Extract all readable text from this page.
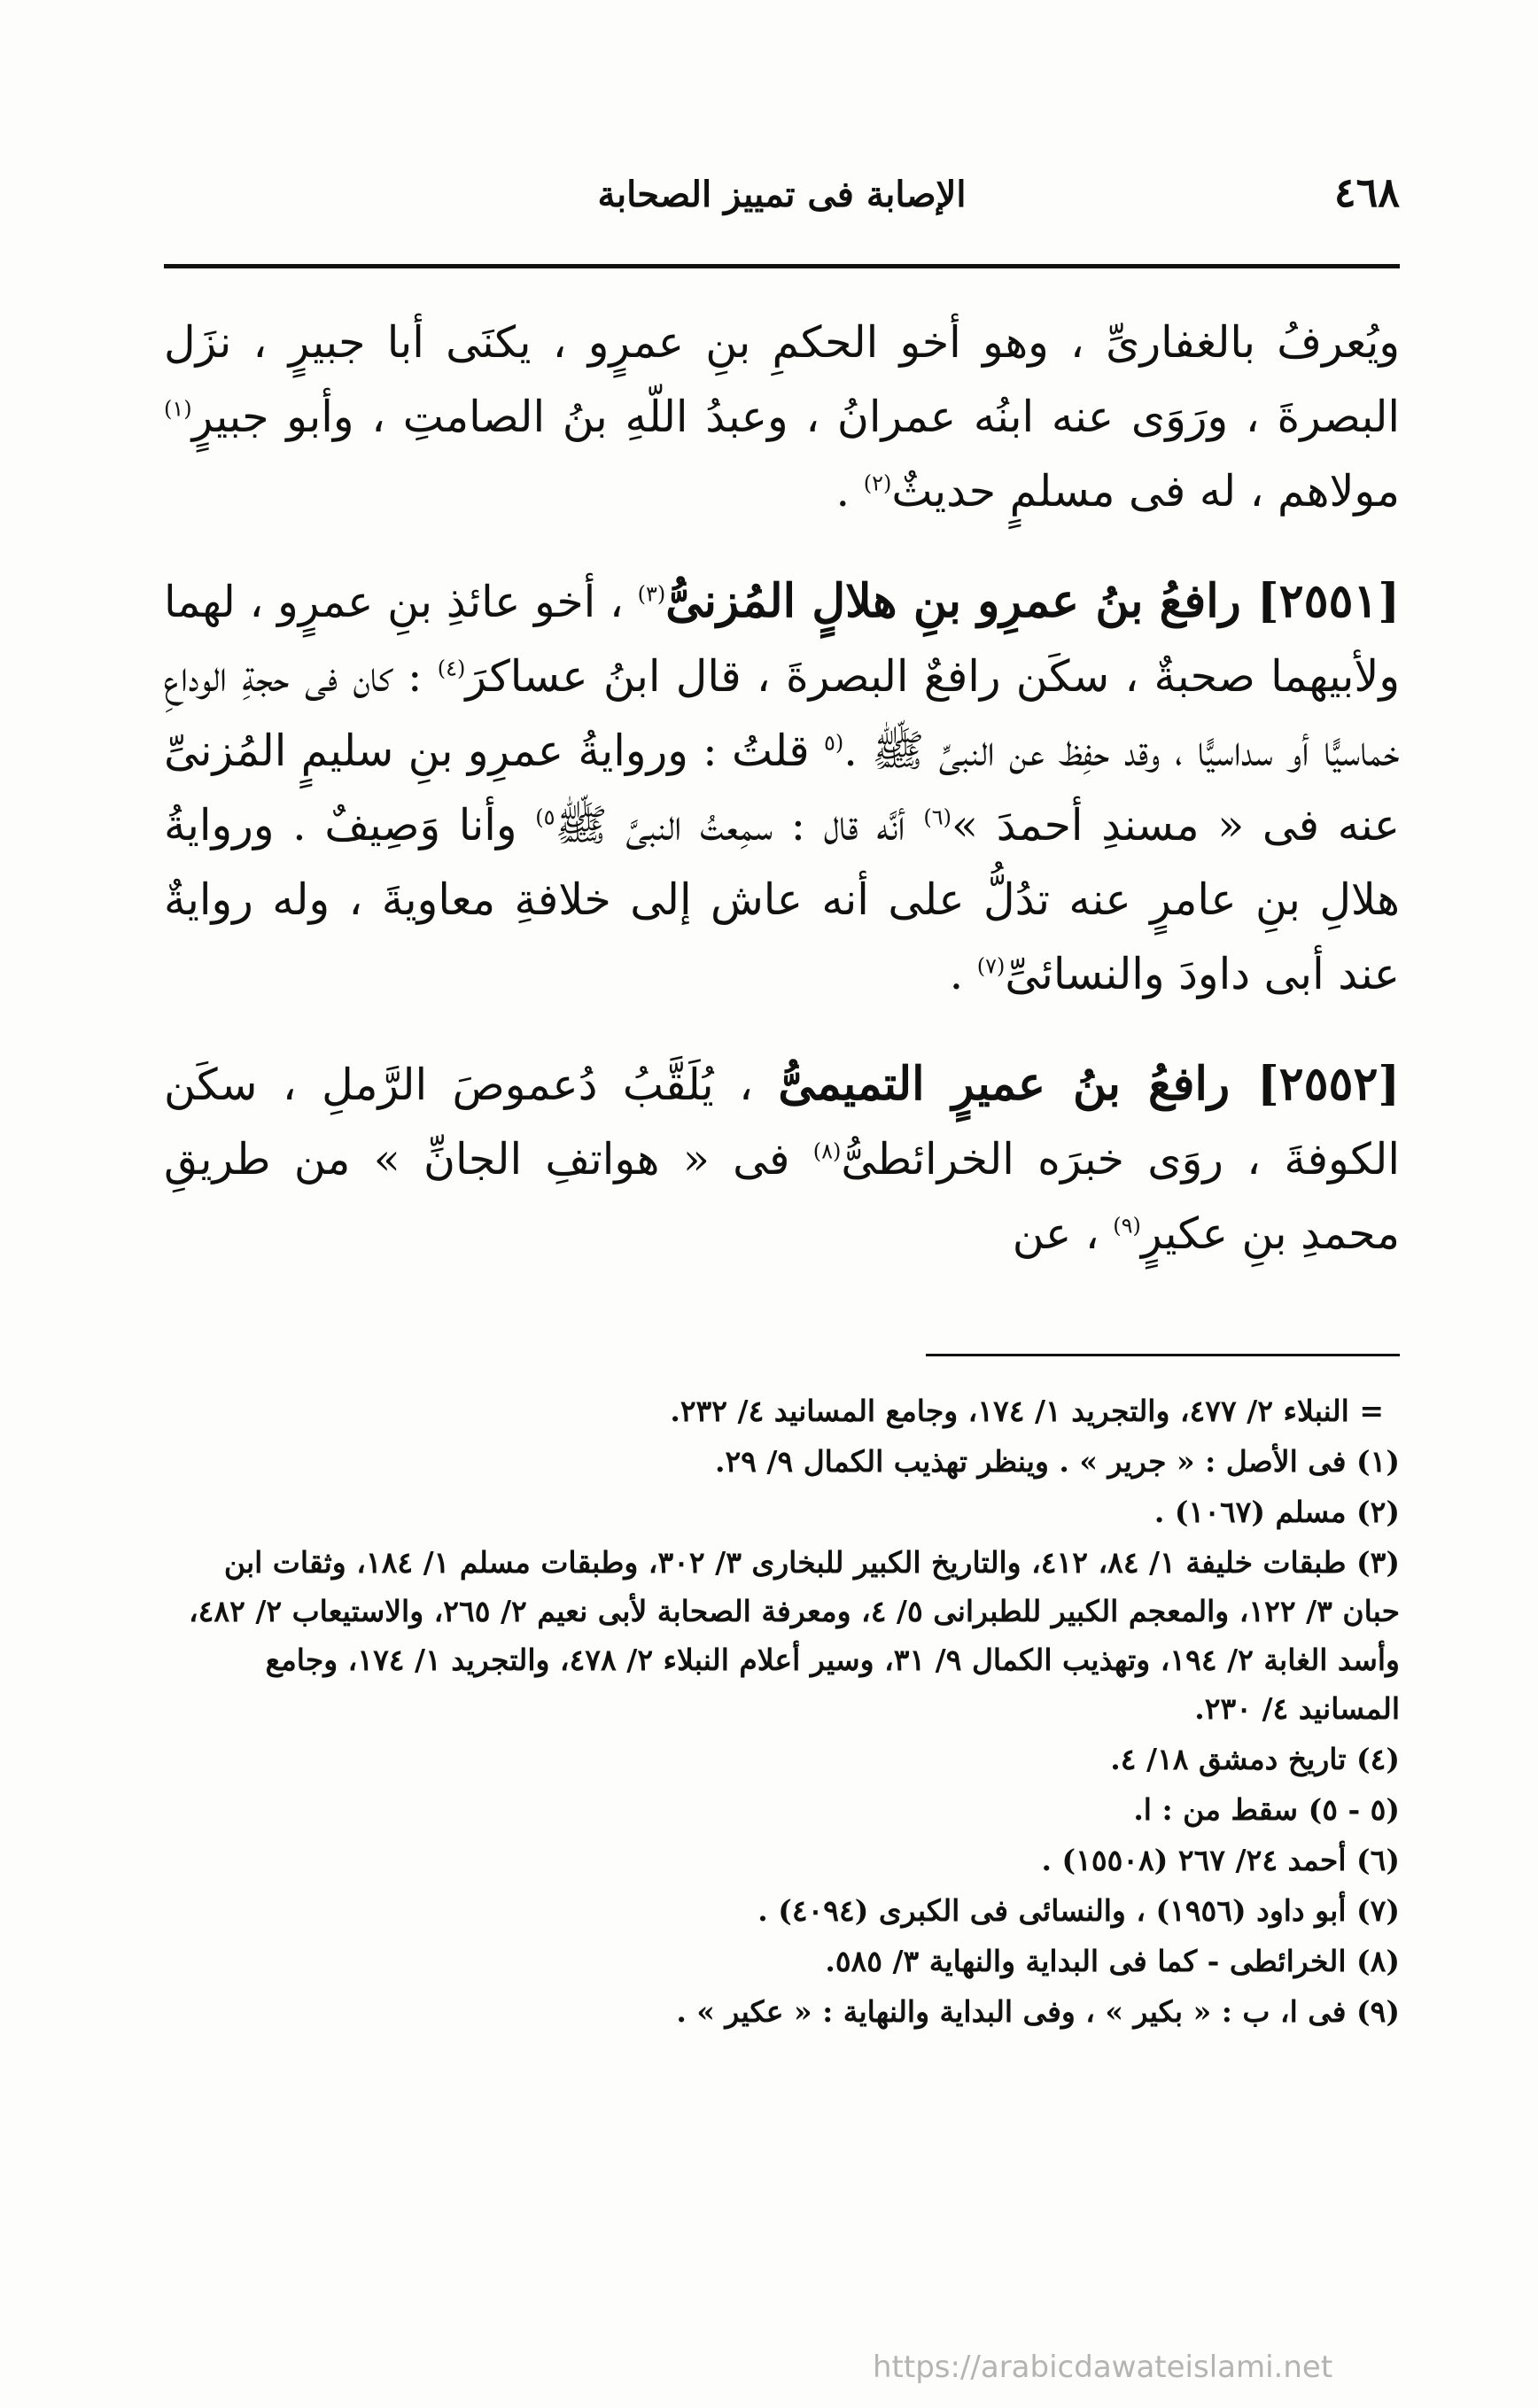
٤٦٨
الإصابة فى تمييز الصحابة

ويُعرفُ بالغفارىِّ ، وهو أخو الحكمِ بنِ عمرٍو ، يكنَى أبا جبيرٍ ، نزَل البصرةَ ، ورَوَى عنه ابنُه عمرانُ ، وعبدُ اللّهِ بنُ الصامتِ ، وأبو جبيرٍ$^{(١)}$ مولاهم ، له فى مسلمٍ حديثٌ$^{(٢)}$ .

[٢٥٥١] رافعُ بنُ عمرِو بنِ هلالٍ المُزنىُّ$^{(٣)}$ ، أخو عائذِ بنِ عمرٍو ، لهما ولأبيهما صحبةٌ ، سكَن رافعٌ البصرةَ ، قال ابنُ عساكرَ$^{(٤)}$ : كان فى حجةِ الوداعِ خماسيًّا أو سداسيًّا ، وقد حفِظ عن النبىِّ ﷺ .$^{(٥}$ قلتُ : وروايةُ عمرِو بنِ سليمٍ المُزنىِّ عنه فى « مسندِ أحمدَ »$^{(٦)}$ أنَّه قال : سمِعتُ النبىَّ ﷺ$^{٥)}$ وأنا وَصِيفٌ . وروايةُ هلالِ بنِ عامرٍ عنه تدُلُّ على أنه عاش إلى خلافةِ معاويةَ ، وله روايةٌ عند أبى داودَ والنسائىِّ$^{(٧)}$ .

[٢٥٥٢] رافعُ بنُ عميرٍ التميمىُّ ، يُلَقَّبُ دُعموصَ الرَّملِ ، سكَن الكوفةَ ، روَى خبرَه الخرائطىُّ$^{(٨)}$ فى « هواتفِ الجانِّ » من طريقِ محمدِ بنِ عكيرٍ$^{(٩)}$ ، عن

= النبلاء ٢/ ٤٧٧، والتجريد ١/ ١٧٤، وجامع المسانيد ٤/ ٢٣٢.

(١) فى الأصل : « جرير » . وينظر تهذيب الكمال ٩/ ٢٩.

(٢) مسلم (١٠٦٧) .

(٣) طبقات خليفة ١/ ٨٤، ٤١٢، والتاريخ الكبير للبخارى ٣/ ٣٠٢، وطبقات مسلم ١/ ١٨٤، وثقات ابن حبان ٣/ ١٢٢، والمعجم الكبير للطبرانى ٥/ ٤، ومعرفة الصحابة لأبى نعيم ٢/ ٢٦٥، والاستيعاب ٢/ ٤٨٢، وأسد الغابة ٢/ ١٩٤، وتهذيب الكمال ٩/ ٣١، وسير أعلام النبلاء ٢/ ٤٧٨، والتجريد ١/ ١٧٤، وجامع المسانيد ٤/ ٢٣٠.

(٤) تاريخ دمشق ١٨/ ٤.

(٥ - ٥) سقط من : ا.

(٦) أحمد ٢٤/ ٢٦٧ (١٥٥٠٨) .

(٧) أبو داود (١٩٥٦) ، والنسائى فى الكبرى (٤٠٩٤) .

(٨) الخرائطى - كما فى البداية والنهاية ٣/ ٥٨٥.

(٩) فى ا، ب : « بكير » ، وفى البداية والنهاية : « عكير » .

https://arabicdawateislami.net
